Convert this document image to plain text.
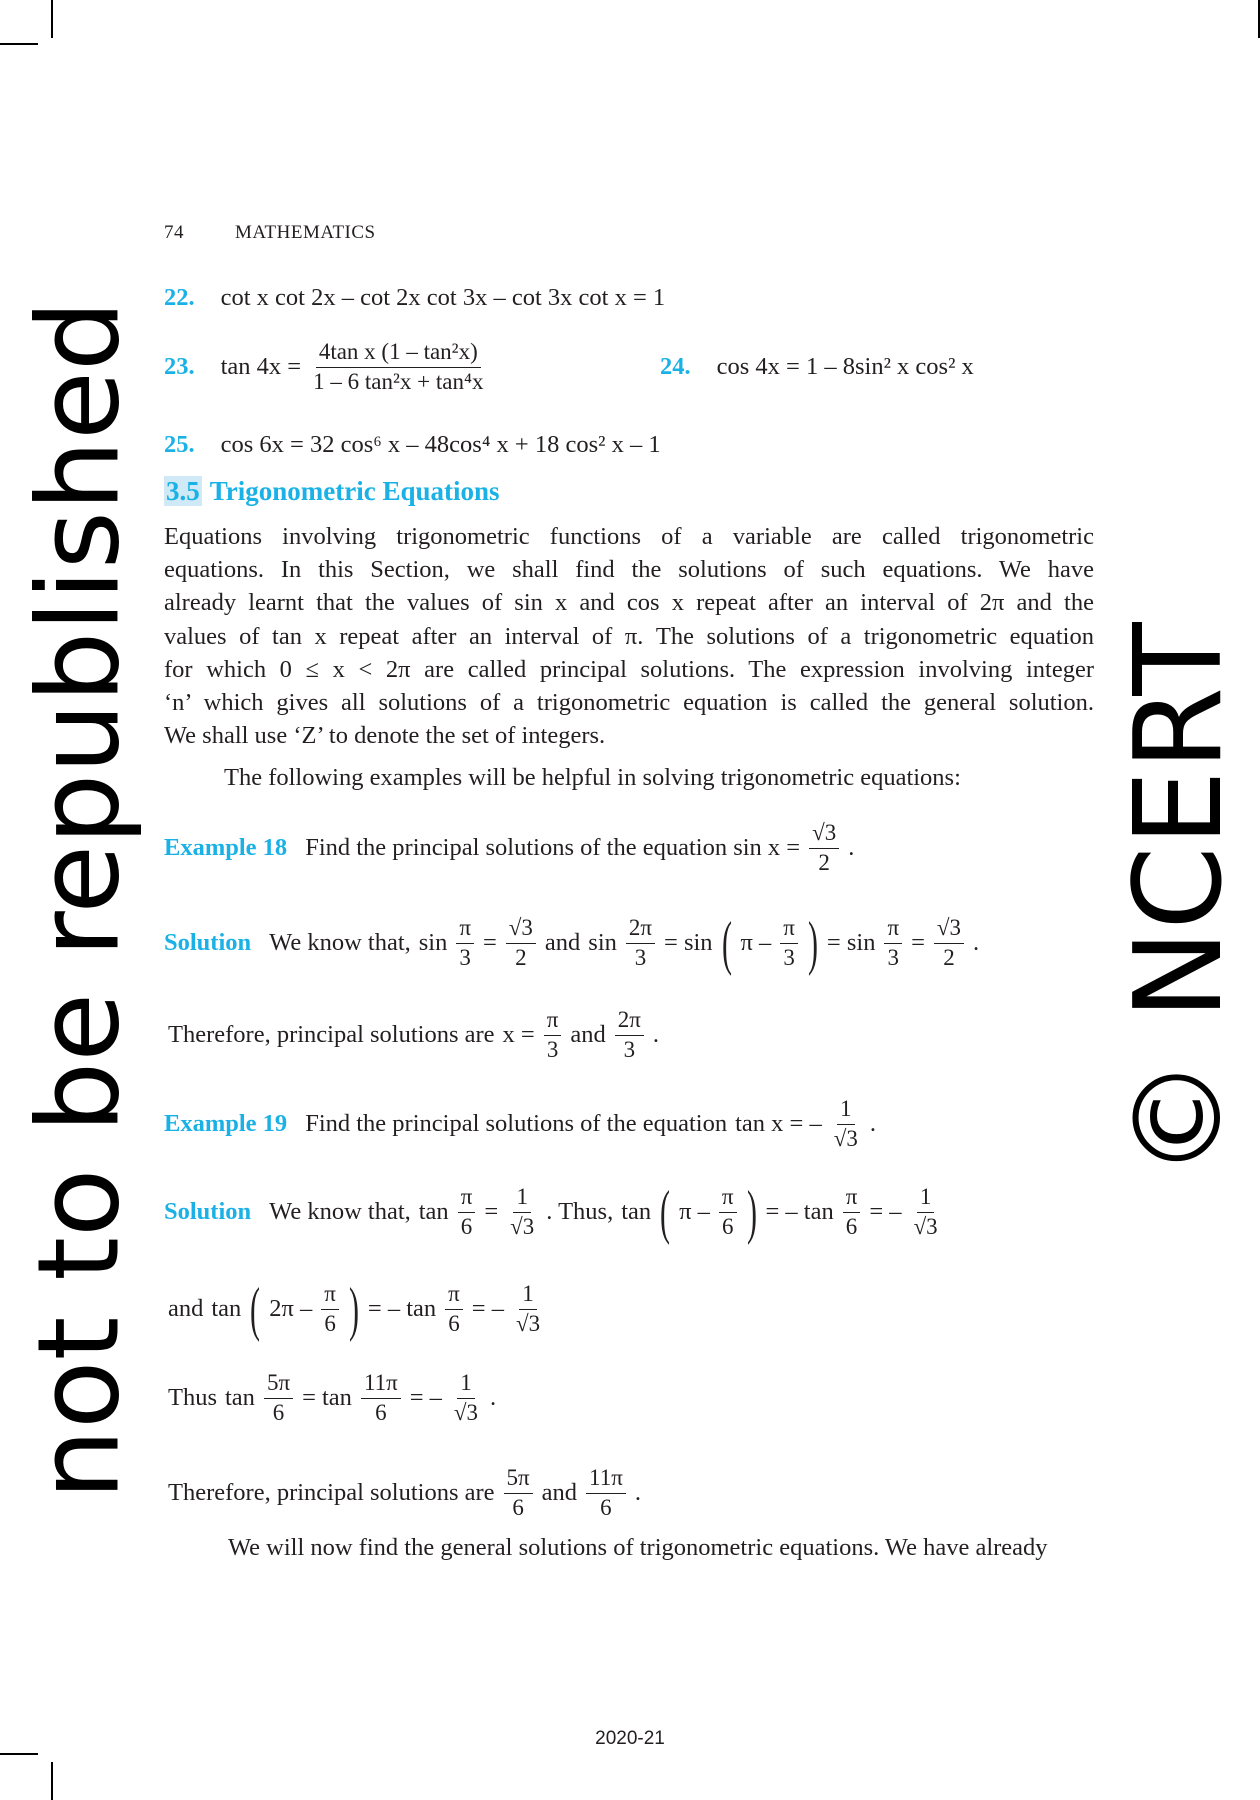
74	MATHEMATICS
22. cot x cot 2x – cot 2x cot 3x – cot 3x cot x = 1
23. $\tan 4x = \frac{\text{4tan x (1 – tan²x)}}{\text{1 – 6 tan²x + tan⁴x}}$	24. cos 4x = 1 – 8sin² x cos² x
25. cos 6x = 32 cos⁶ x – 48cos⁴ x + 18 cos² x – 1
3.5 Trigonometric Equations
Equations involving trigonometric functions of a variable are called trigonometric
equations. In this Section, we shall find the solutions of such equations. We have
already learnt that the values of sin x and cos x repeat after an interval of 2π and the
values of tan x repeat after an interval of π. The solutions of a trigonometric equation
for which 0 ≤ x < 2π are called principal solutions. The expression involving integer
‘n’ which gives all solutions of a trigonometric equation is called the general solution.
We shall use ‘Z’ to denote the set of integers.
The following examples will be helpful in solving trigonometric equations:
Example 18 Find the principal solutions of the equation $\sin x = \frac{√3}{2}$ .
Solution We know that, $\sin \frac{\pi}{3} = \frac{√3}{2}$ and $\sin \frac{2\pi}{3} = \sin$ ( π – $\frac{\pi}{3}$ ) = $\sin \frac{\pi}{3} = \frac{√3}{2}$ .
Therefore, principal solutions are $x = \frac{\pi}{3}$ and $\frac{2\pi}{3}$ .
Example 19 Find the principal solutions of the equation tan x = – $\frac{1}{√3}$ .
Solution We know that, $\tan \frac{\pi}{6} = \frac{1}{√3}$ . Thus, tan ( π – $\frac{\pi}{6}$ ) = – $\tan \frac{\pi}{6}$ = – $\frac{1}{√3}$
and tan ( $2\pi - \frac{\pi}{6}$ ) = – $\tan \frac{\pi}{6}$ = – $\frac{1}{√3}$
Thus $\tan \frac{5\pi}{6} = \tan \frac{11\pi}{6}$ = – $\frac{1}{√3}$ .
Therefore, principal solutions are $\frac{5\pi}{6}$ and $\frac{11\pi}{6}$ .
We will now find the general solutions of trigonometric equations. We have already
2020-21
© NCERT
not to be republished
